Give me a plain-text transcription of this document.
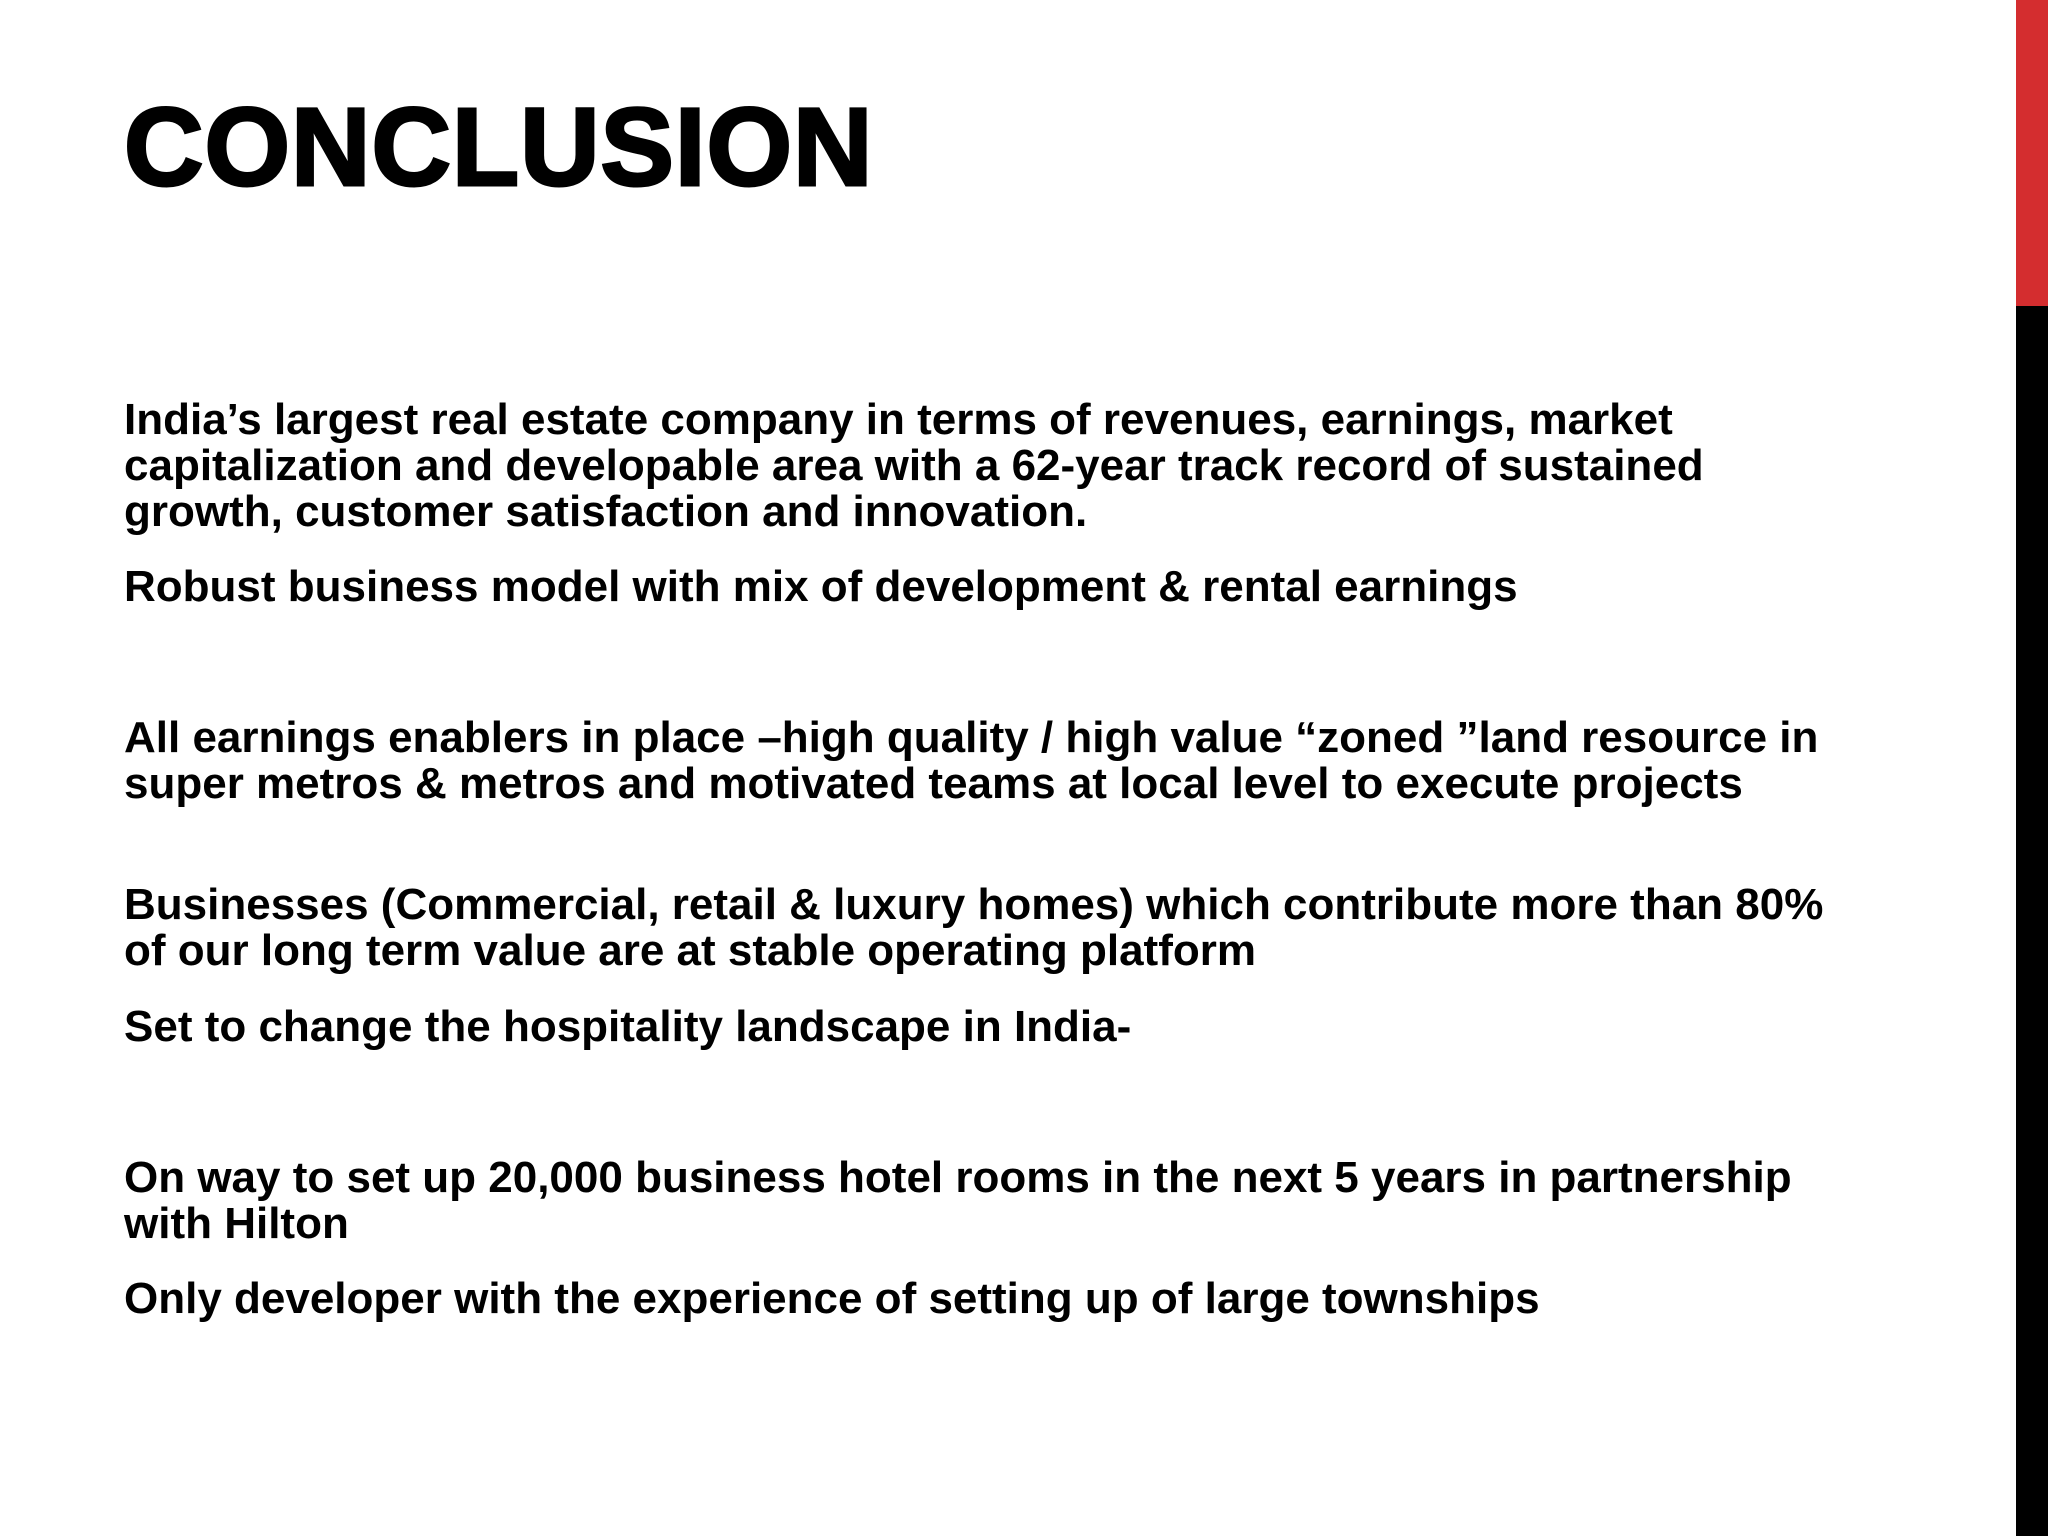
CONCLUSION

India’s largest real estate company in terms of revenues, earnings, market capitalization and developable area with a 62-year track record of sustained growth, customer satisfaction and innovation.

Robust business model with mix of development & rental earnings

All earnings enablers in place –high quality / high value “zoned ”land resource in super metros & metros and motivated teams at local level to execute projects

Businesses (Commercial, retail & luxury homes) which contribute more than 80% of our long term value are at stable operating platform

Set to change the hospitality landscape in India-

On way to set up 20,000 business hotel rooms in the next 5 years in partnership with Hilton

Only developer with the experience of setting up of large townships
